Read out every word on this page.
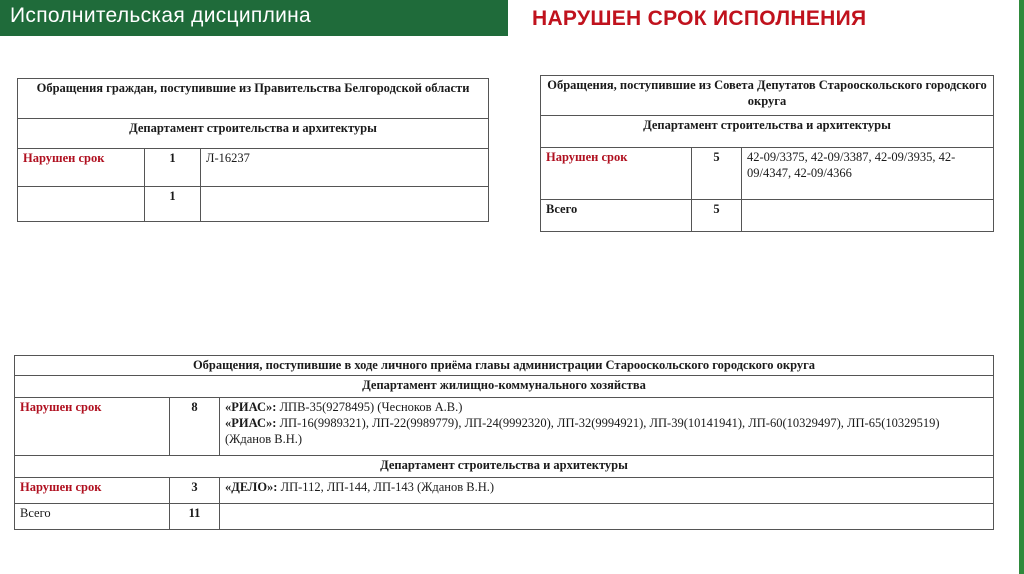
Исполнительская дисциплина	НАРУШЕН СРОК ИСПОЛНЕНИЯ
Обращения граждан, поступившие из Правительства Белгородской области		
Департамент строительства и архитектуры		
Нарушен срок	1	Л-16237
	1	
Обращения, поступившие из Совета Депутатов Старооскольского городского округа		
Департамент строительства и архитектуры		
Нарушен срок	5	42-09/3375, 42-09/3387, 42-09/3935, 42-09/4347, 42-09/4366
Всего	5	
Обращения, поступившие в ходе личного приёма главы администрации Старооскольского городского округа		
Департамент жилищно-коммунального хозяйства		
Нарушен срок	8	«РИАС»: ЛПВ-35(9278495) (Чесноков А.В.)
«РИАС»: ЛП-16(9989321), ЛП-22(9989779), ЛП-24(9992320), ЛП-32(9994921), ЛП-39(10141941), ЛП-60(10329497), ЛП-65(10329519) (Жданов В.Н.)

Департамент строительства и архитектуры		
Нарушен срок	3	«ДЕЛО»: ЛП-112, ЛП-144, ЛП-143 (Жданов В.Н.)
Всего	11	
